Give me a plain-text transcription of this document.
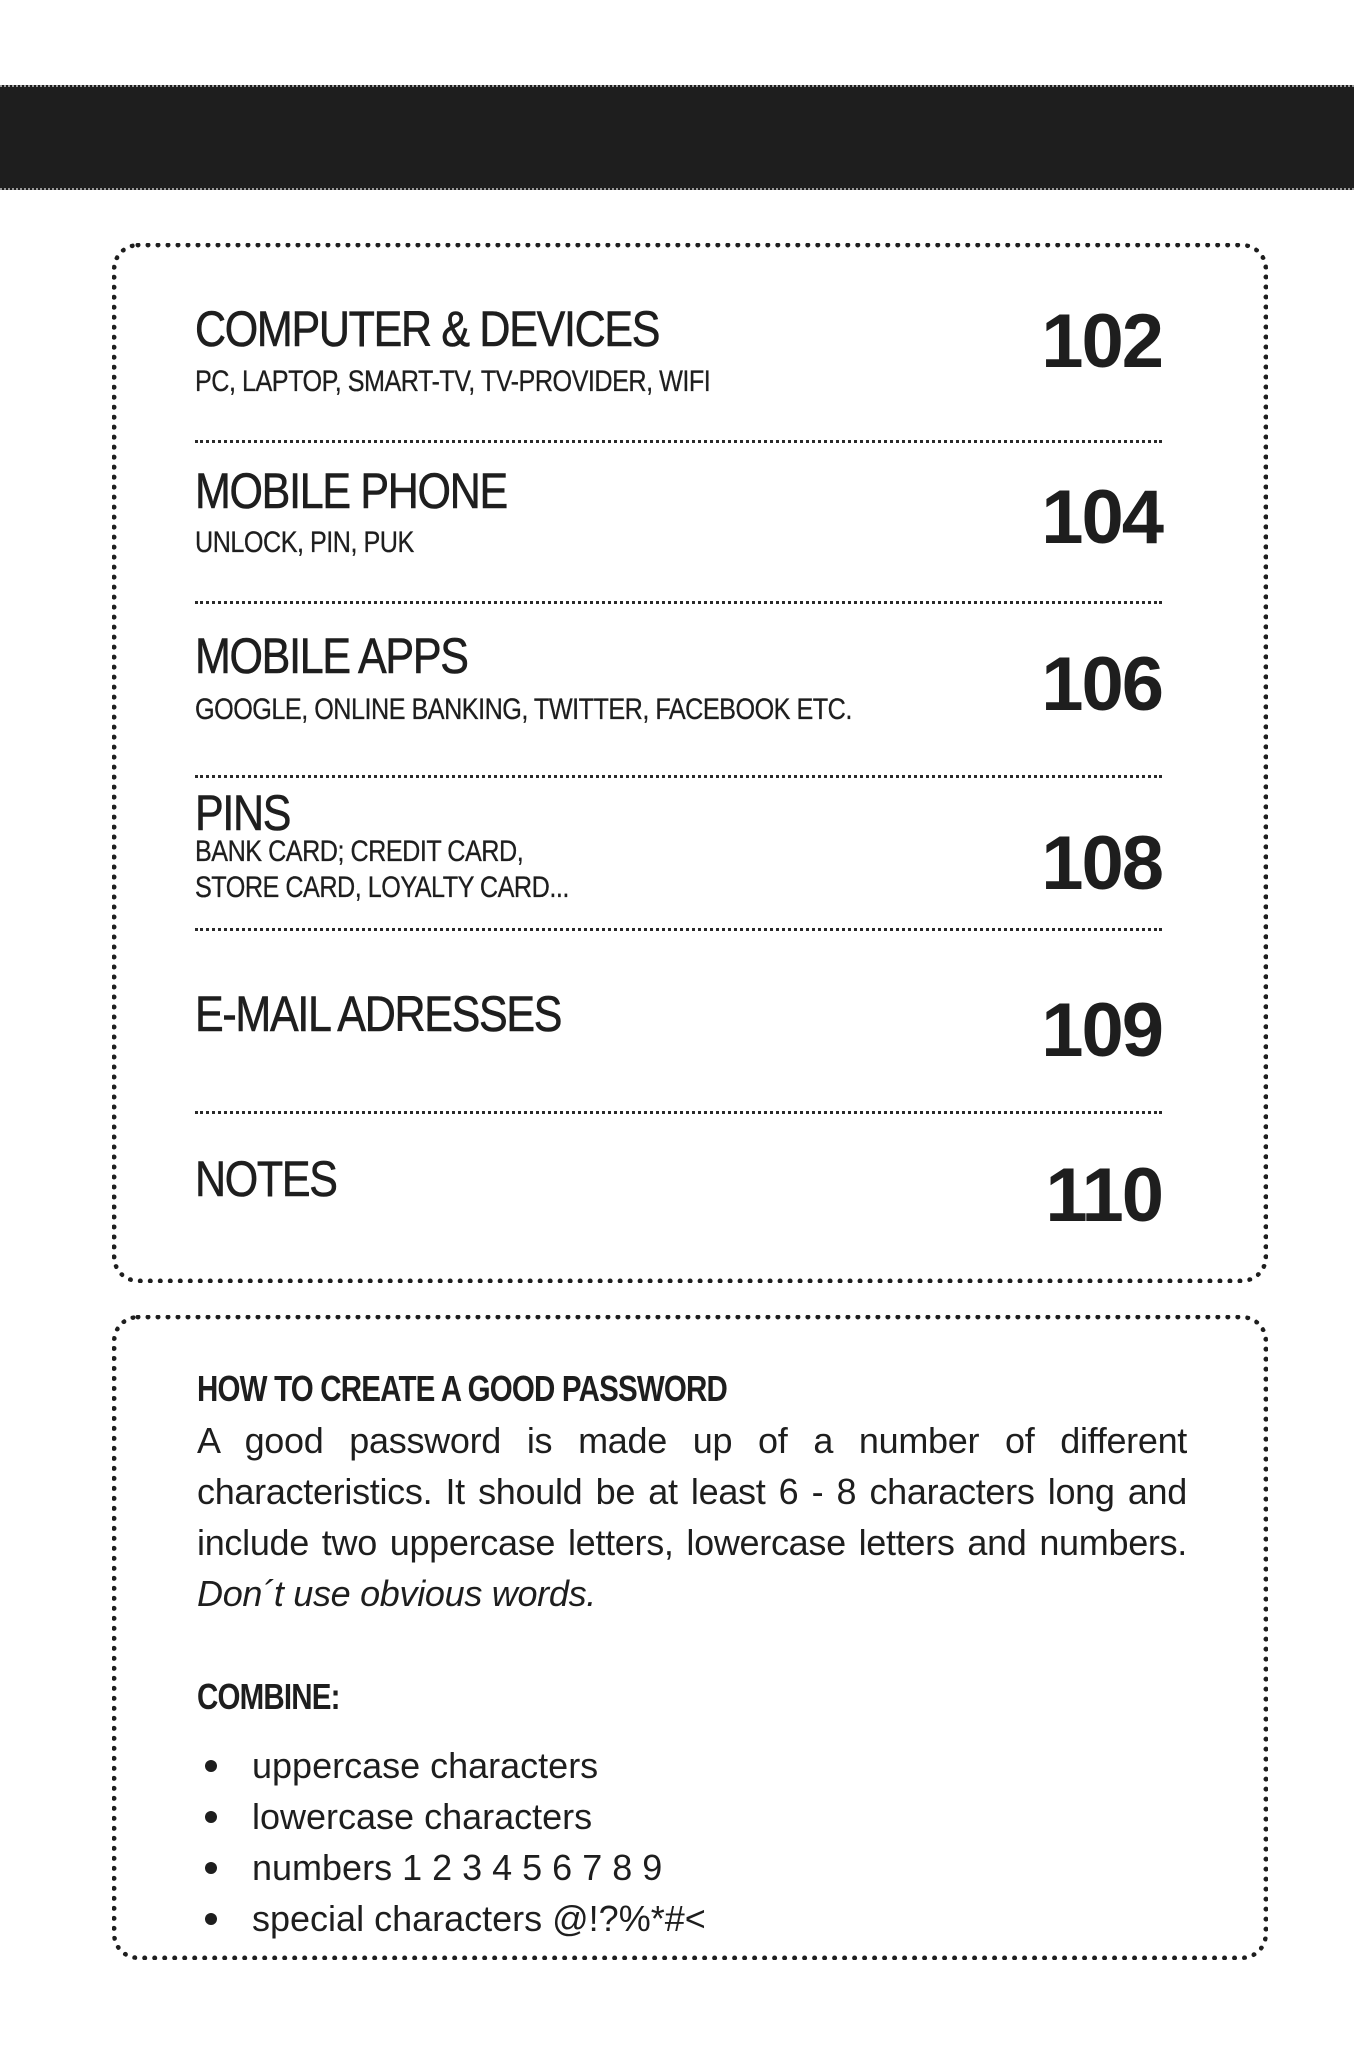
COMPUTER & DEVICES
PC, LAPTOP, SMART-TV, TV-PROVIDER, WIFI	102
MOBILE PHONE
UNLOCK, PIN, PUK	104
MOBILE APPS
GOOGLE, ONLINE BANKING, TWITTER, FACEBOOK ETC. 106
PINS
BANK CARD; CREDIT CARD,
STORE CARD, LOYALTY CARD...	108
E-MAIL ADRESSES	109
NOTES	110
HOW TO CREATE A GOOD PASSWORD
A good password is made up of a number of different characteristics. It should be at least 6 - 8 characters long and include two uppercase letters, lowercase letters and numbers. Don´t use obvious words.
COMBINE:
uppercase characters
lowercase characters
numbers 1 2 3 4 5 6 7 8 9
special characters @!?%*#<
